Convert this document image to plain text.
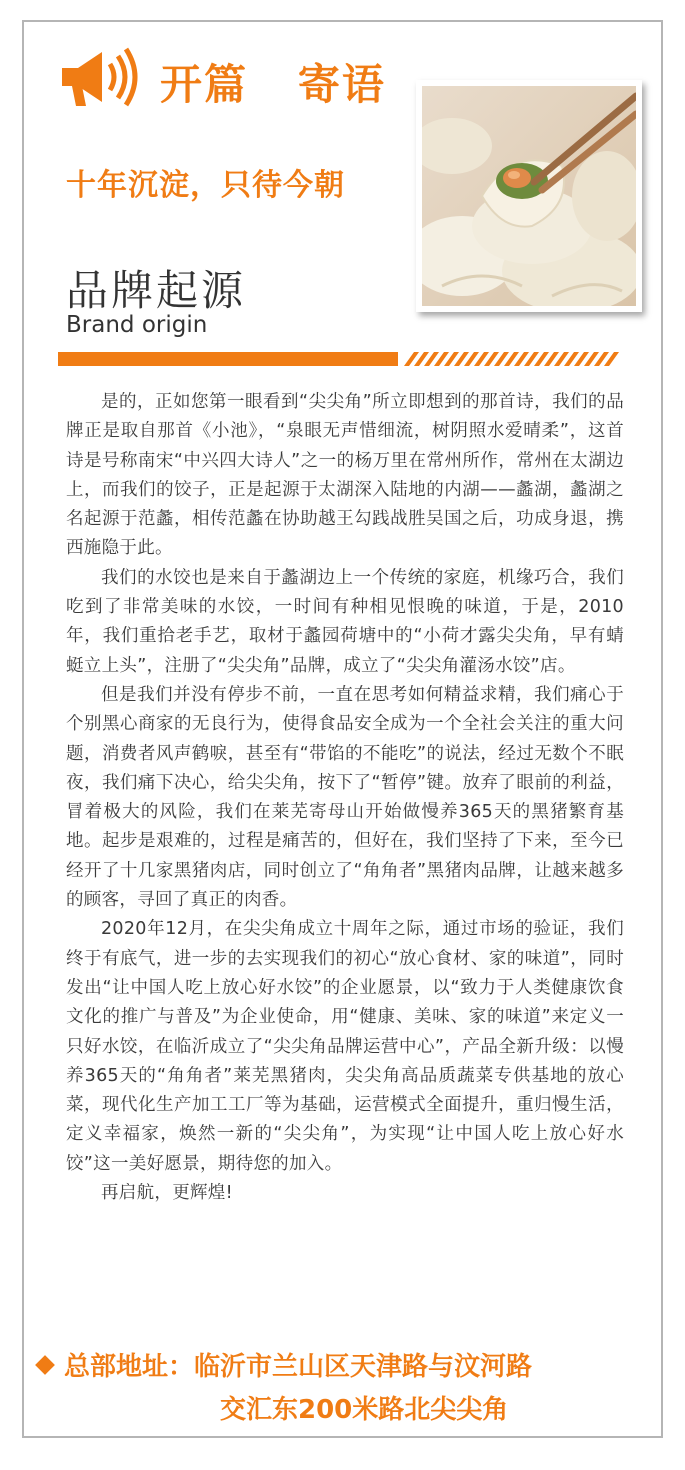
开篇   寄语
十年沉淀，只待今朝
品牌起源
Brand origin

是的，正如您第一眼看到“尖尖角”所立即想到的那首诗，我们的品牌正是取自那首《小池》，“泉眼无声惜细流，树阴照水爱晴柔”，这首诗是号称南宋“中兴四大诗人”之一的杨万里在常州所作，常州在太湖边上，而我们的饺子，正是起源于太湖深入陆地的内湖——蠡湖，蠡湖之名起源于范蠡，相传范蠡在协助越王勾践战胜吴国之后，功成身退，携西施隐于此。

我们的水饺也是来自于蠡湖边上一个传统的家庭，机缘巧合，我们吃到了非常美味的水饺，一时间有种相见恨晚的味道，于是，2010年，我们重拾老手艺，取材于蠡园荷塘中的“小荷才露尖尖角，早有蜻蜓立上头”，注册了“尖尖角”品牌，成立了“尖尖角灌汤水饺”店。

但是我们并没有停步不前，一直在思考如何精益求精，我们痛心于个别黑心商家的无良行为，使得食品安全成为一个全社会关注的重大问题，消费者风声鹤唳，甚至有“带馅的不能吃”的说法，经过无数个不眠夜，我们痛下决心，给尖尖角，按下了“暂停”键。放弃了眼前的利益，冒着极大的风险，我们在莱芜寄母山开始做慢养365天的黑猪繁育基地。起步是艰难的，过程是痛苦的，但好在，我们坚持了下来，至今已经开了十几家黑猪肉店，同时创立了“角角者”黑猪肉品牌，让越来越多的顾客，寻回了真正的肉香。

2020年12月，在尖尖角成立十周年之际，通过市场的验证，我们终于有底气，进一步的去实现我们的初心“放心食材、家的味道”，同时发出“让中国人吃上放心好水饺”的企业愿景，以“致力于人类健康饮食文化的推广与普及”为企业使命，用“健康、美味、家的味道”来定义一只好水饺，在临沂成立了“尖尖角品牌运营中心”，产品全新升级：以慢养365天的“角角者”莱芜黑猪肉，尖尖角高品质蔬菜专供基地的放心菜，现代化生产加工工厂等为基础，运营模式全面提升，重归慢生活，定义幸福家，焕然一新的“尖尖角”，为实现“让中国人吃上放心好水饺”这一美好愿景，期待您的加入。

再启航，更辉煌!

总部地址： 临沂市兰山区天津路与汶河路
交汇东200米路北尖尖角
